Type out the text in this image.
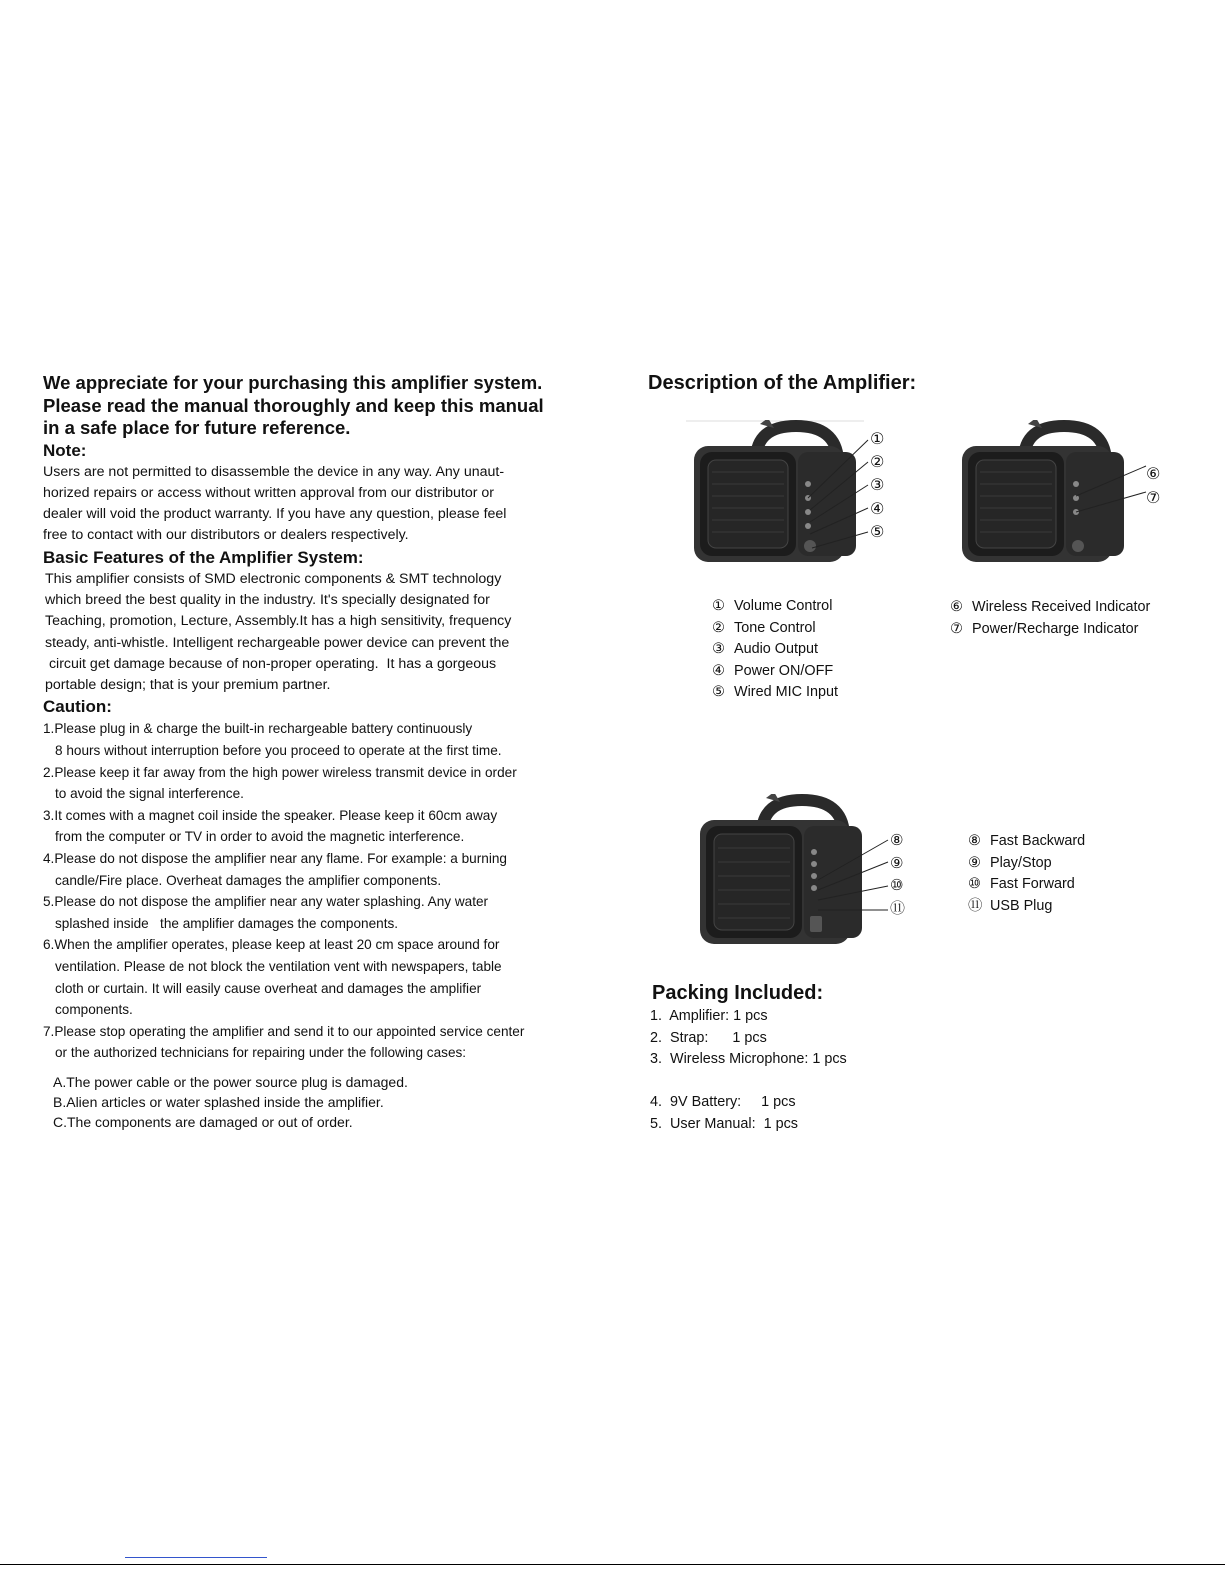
We appreciate for your purchasing this amplifier system.
Please read the manual thoroughly and keep this manual
in a safe place for future reference.
Note:
Users are not permitted to disassemble the device in any way. Any unaut-
horized repairs or access without written approval from our distributor or
dealer will void the product warranty. If you have any question, please feel
free to contact with our distributors or dealers respectively.
Basic Features of the Amplifier System:
This amplifier consists of SMD electronic components & SMT technology
which breed the best quality in the industry. It's specially designated for
Teaching, promotion, Lecture, Assembly.It has a high sensitivity, frequency
steady, anti-whistle. Intelligent rechargeable power device can prevent the
circuit get damage because of non-proper operating.  It has a gorgeous
portable design; that is your premium partner.
Caution:
1.Please plug in & charge the built-in rechargeable battery continuously
8 hours without interruption before you proceed to operate at the first time.
2.Please keep it far away from the high power wireless transmit device in order
to avoid the signal interference.
3.It comes with a magnet coil inside the speaker. Please keep it 60cm away
from the computer or TV in order to avoid the magnetic interference.
4.Please do not dispose the amplifier near any flame. For example: a burning
candle/Fire place. Overheat damages the amplifier components.
5.Please do not dispose the amplifier near any water splashing. Any water
splashed inside   the amplifier damages the components.
6.When the amplifier operates, please keep at least 20 cm space around for
ventilation. Please de not block the ventilation vent with newspapers, table
cloth or curtain. It will easily cause overheat and damages the amplifier
components.
7.Please stop operating the amplifier and send it to our appointed service center
or the authorized technicians for repairing under the following cases:
A.The power cable or the power source plug is damaged.
B.Alien articles or water splashed inside the amplifier.
C.The components are damaged or out of order.
Description of the Amplifier:
①
②
③
④
⑤
⑥
⑦
① Volume Control
② Tone Control
③ Audio Output
④ Power ON/OFF
⑤ Wired MIC Input
⑥ Wireless Received Indicator
⑦ Power/Recharge Indicator
⑧
⑨
⑩
⑪
⑧ Fast Backward
⑨ Play/Stop
⑩ Fast Forward
⑪ USB Plug
Packing Included:
1.  Amplifier: 1 pcs
2.  Strap:      1 pcs
3.  Wireless Microphone: 1 pcs
4.  9V Battery:     1 pcs
5.  User Manual:  1 pcs
